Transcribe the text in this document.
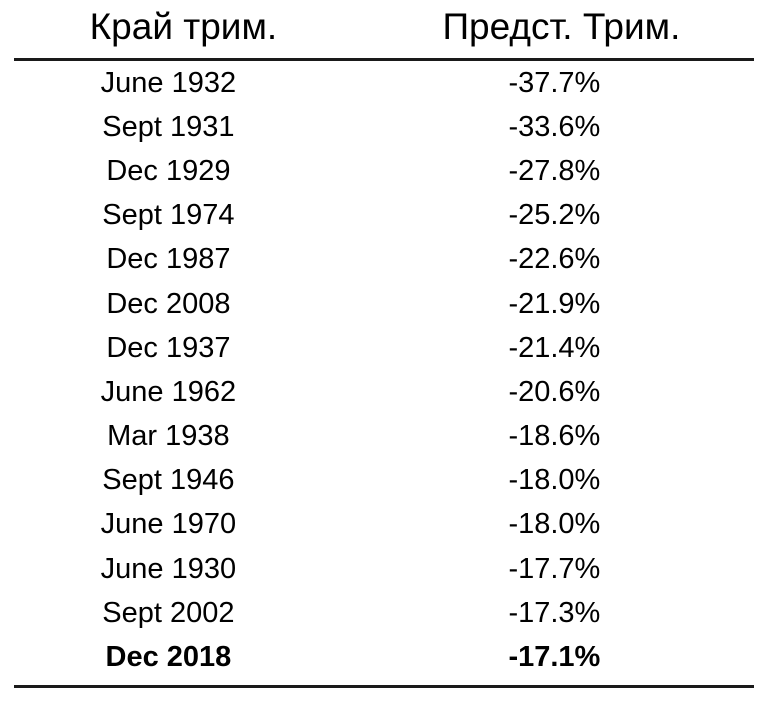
Край трим.	Предст. Трим.
June 1932	-37.7%
Sept 1931	-33.6%
Dec 1929	-27.8%
Sept 1974	-25.2%
Dec 1987	-22.6%
Dec 2008	-21.9%
Dec 1937	-21.4%
June 1962	-20.6%
Mar 1938	-18.6%
Sept 1946	-18.0%
June 1970	-18.0%
June 1930	-17.7%
Sept 2002	-17.3%
Dec 2018	-17.1%
